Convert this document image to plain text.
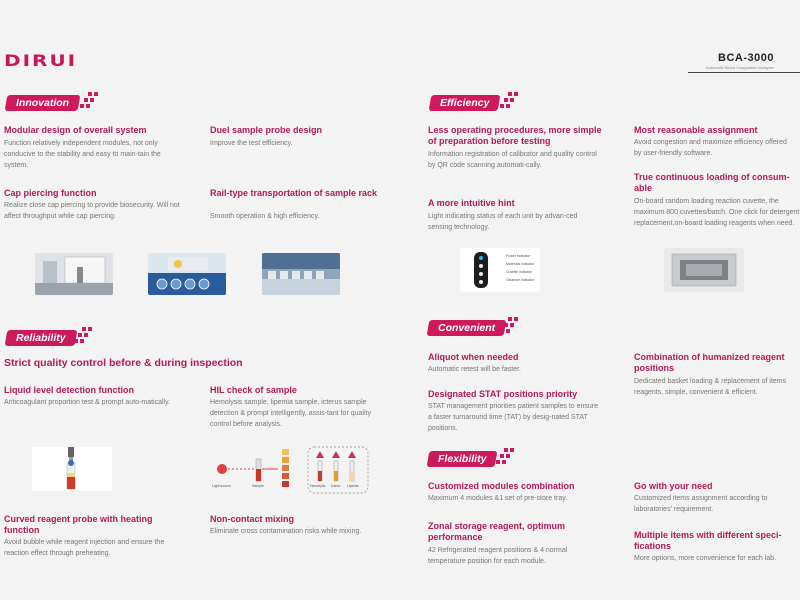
DIRUI	BCA-3000
Automatic Blood Coagulation Analyzer
Innovation
Modular design of overall system

Function relatively independent modules, not only conducive to the stability and easy to main-tain the system.

Duel sample probe design

Improve the test efficiency.

Cap piercing function

Realize close cap piercing to provide biosecurity. Will not affect throughput while cap piercing.

Rail-type transportation of sample rack

Smooth operation & high efficiency.

Efficiency
Less operating procedures, more simple of preparation before testing

Information registration of calibrator and quality control by QR code scanning automati-cally.

Most reasonable assignment

Avoid congestion and maximize efficiency offered by user-friendly software.

A more intuitive hint

Light indicating status of each unit by advan-ced sensing technology.

True continuous loading of consum-able

On-board random loading reaction cuvette, the maximum 800 cuvettes/batch. One click for detergent replacement,on-board loading reagents when need.

Power indicator
Materials indicator
Cuvette indicator
Cleanser indicator
Reliability
Strict quality control before & during inspection
Liquid level detection function

Anticoagulant proportion test & prompt auto-matically.

HIL check of sample

Hemolysis sample, lipemia sample, icterus sample detection & prompt intelligently, assis-tant for quality control before analysis.

Curved reagent probe with heating function

Avoid bubble while reagent injection and ensure the reaction effect through preheating.

Non-contact mixing

Eliminate cross contamination risks while mixing.

Light source	Sample	Hemolytic Icteric Lipemic
Convenient
Aliquot when needed

Automatic retest will be faster.

Combination of humanized reagent positions

Dedicated basket loading & replacement of items reagents, simple, convenient & efficient.

Designated STAT positions priority

STAT management priorities patient samples to ensure a faster turnaround time (TAT) by desig-nated STAT positions.

Flexibility
Customized modules combination

Maximum 4 modules &1 set of pre-store tray.

Go with your need

Customized items assignment according to laboratories' requirement.

Zonal storage reagent, optimum performance

42 Refrigerated reagent positions & 4 normal temperature position for each module.

Multiple items with different speci-fications

More options, more convenience for each lab.
